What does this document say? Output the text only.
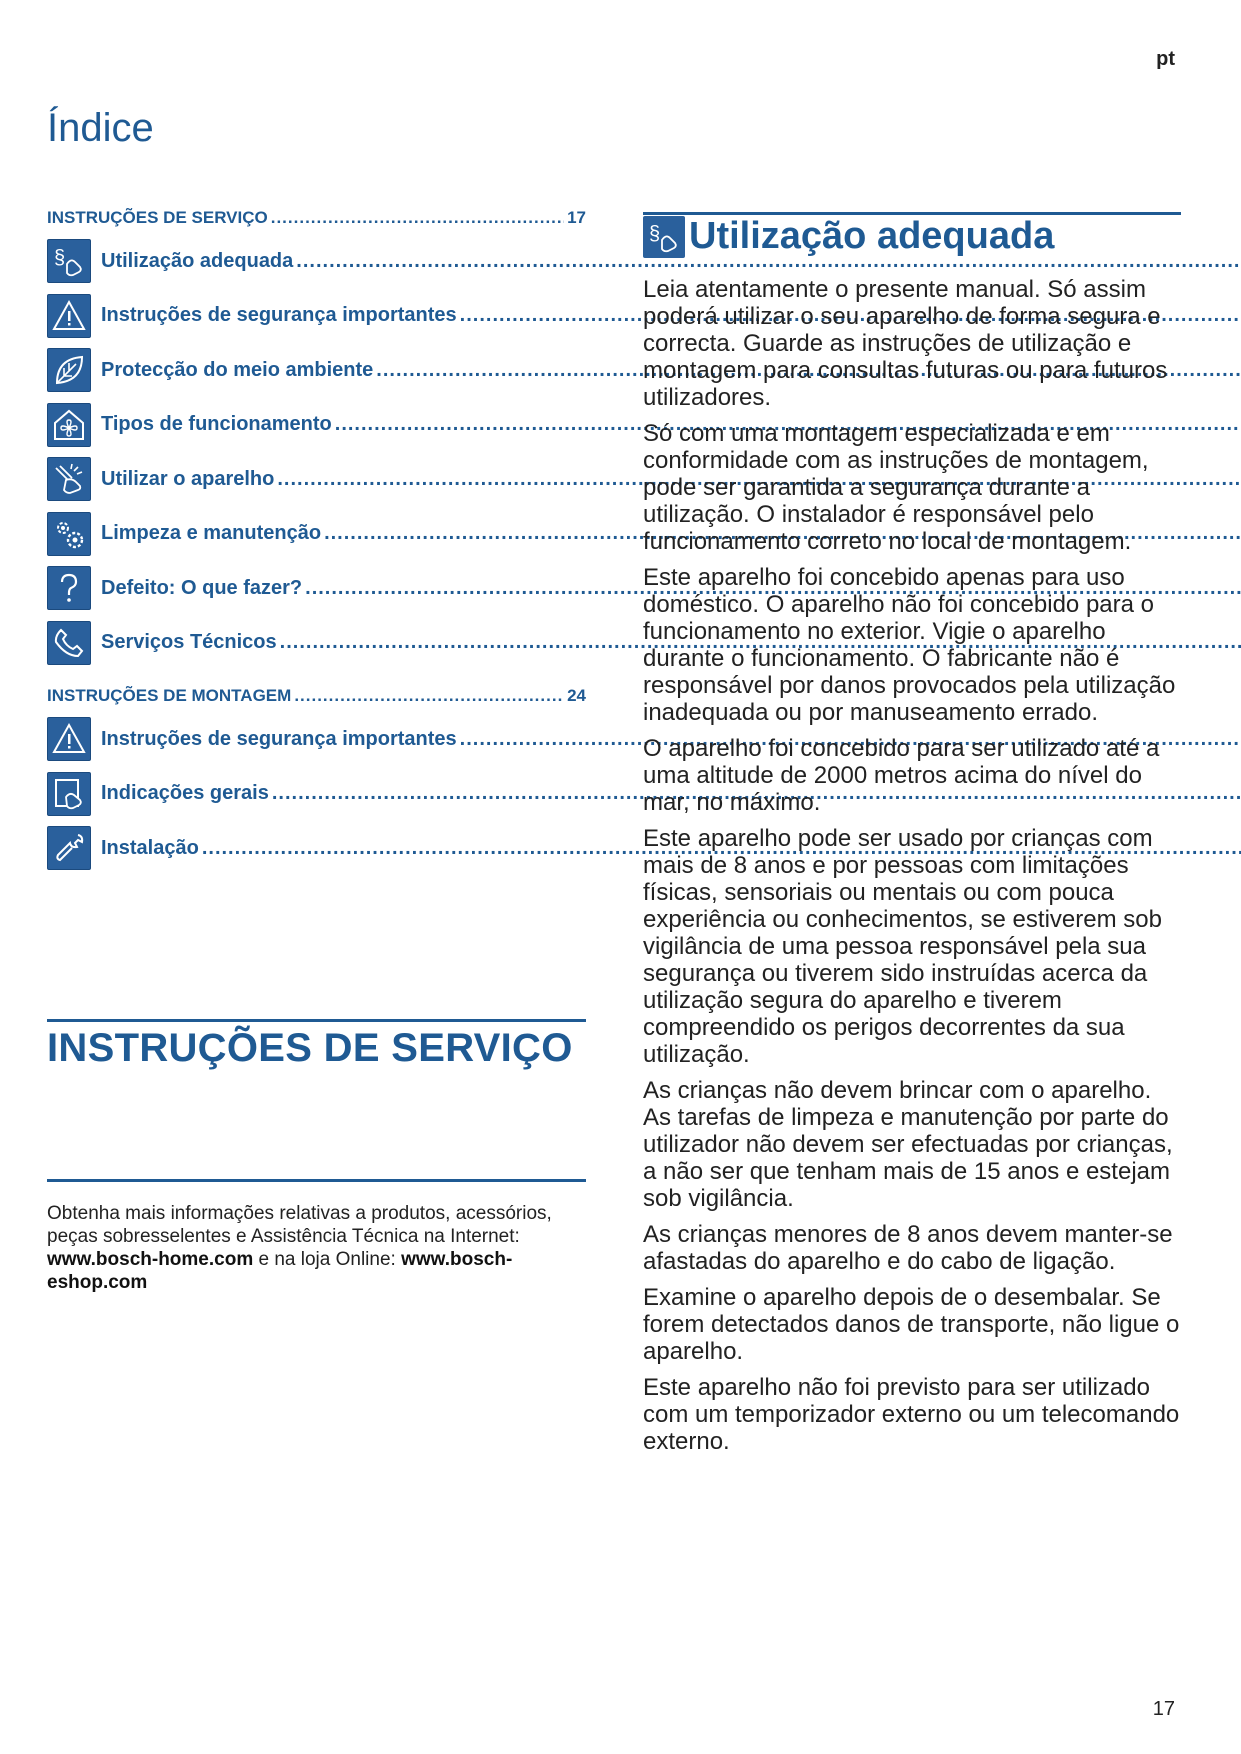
pt
Índice
INSTRUÇÕES DE SERVIÇO .....	17
§ Utilização adequada
.....
Instruções de segurança importantes
.....
Protecção do meio ambiente
.....
Tipos de funcionamento
.....
Utilizar o aparelho
.....
Limpeza e manutenção
.....
Defeito: O que fazer?
.....
Serviços Técnicos
.....
INSTRUÇÕES DE MONTAGEM .....	24
Instruções de segurança importantes
.....
Indicações gerais
.....
Instalação
.....
INSTRUÇÕES DE SERVIÇO
Obtenha mais informações relativas a produtos, acessórios, peças sobresselentes e Assistência Técnica na Internet: www.bosch-home.com e na loja Online: www.bosch-eshop.com
§ Utilização adequada

Leia atentamente o presente manual. Só assim poderá utilizar o seu aparelho de forma segura e correcta. Guarde as instruções de utilização e montagem para consultas futuras ou para futuros utilizadores.

Só com uma montagem especializada e em conformidade com as instruções de montagem, pode ser garantida a segurança durante a utilização. O instalador é responsável pelo funcionamento correto no local de montagem.

Este aparelho foi concebido apenas para uso doméstico. O aparelho não foi concebido para o funcionamento no exterior. Vigie o aparelho durante o funcionamento. O fabricante não é responsável por danos provocados pela utilização inadequada ou por manuseamento errado.

O aparelho foi concebido para ser utilizado até a uma altitude de 2000 metros acima do nível do mar, no máximo.

Este aparelho pode ser usado por crianças com mais de 8 anos e por pessoas com limitações físicas, sensoriais ou mentais ou com pouca experiência ou conhecimentos, se estiverem sob vigilância de uma pessoa responsável pela sua segurança ou tiverem sido instruídas acerca da utilização segura do aparelho e tiverem compreendido os perigos decorrentes da sua utilização.

As crianças não devem brincar com o aparelho. As tarefas de limpeza e manutenção por parte do utilizador não devem ser efectuadas por crianças, a não ser que tenham mais de 15 anos e estejam sob vigilância.

As crianças menores de 8 anos devem manter-se afastadas do aparelho e do cabo de ligação.

Examine o aparelho depois de o desembalar. Se forem detectados danos de transporte, não ligue o aparelho.

Este aparelho não foi previsto para ser utilizado com um temporizador externo ou um telecomando externo.

17
